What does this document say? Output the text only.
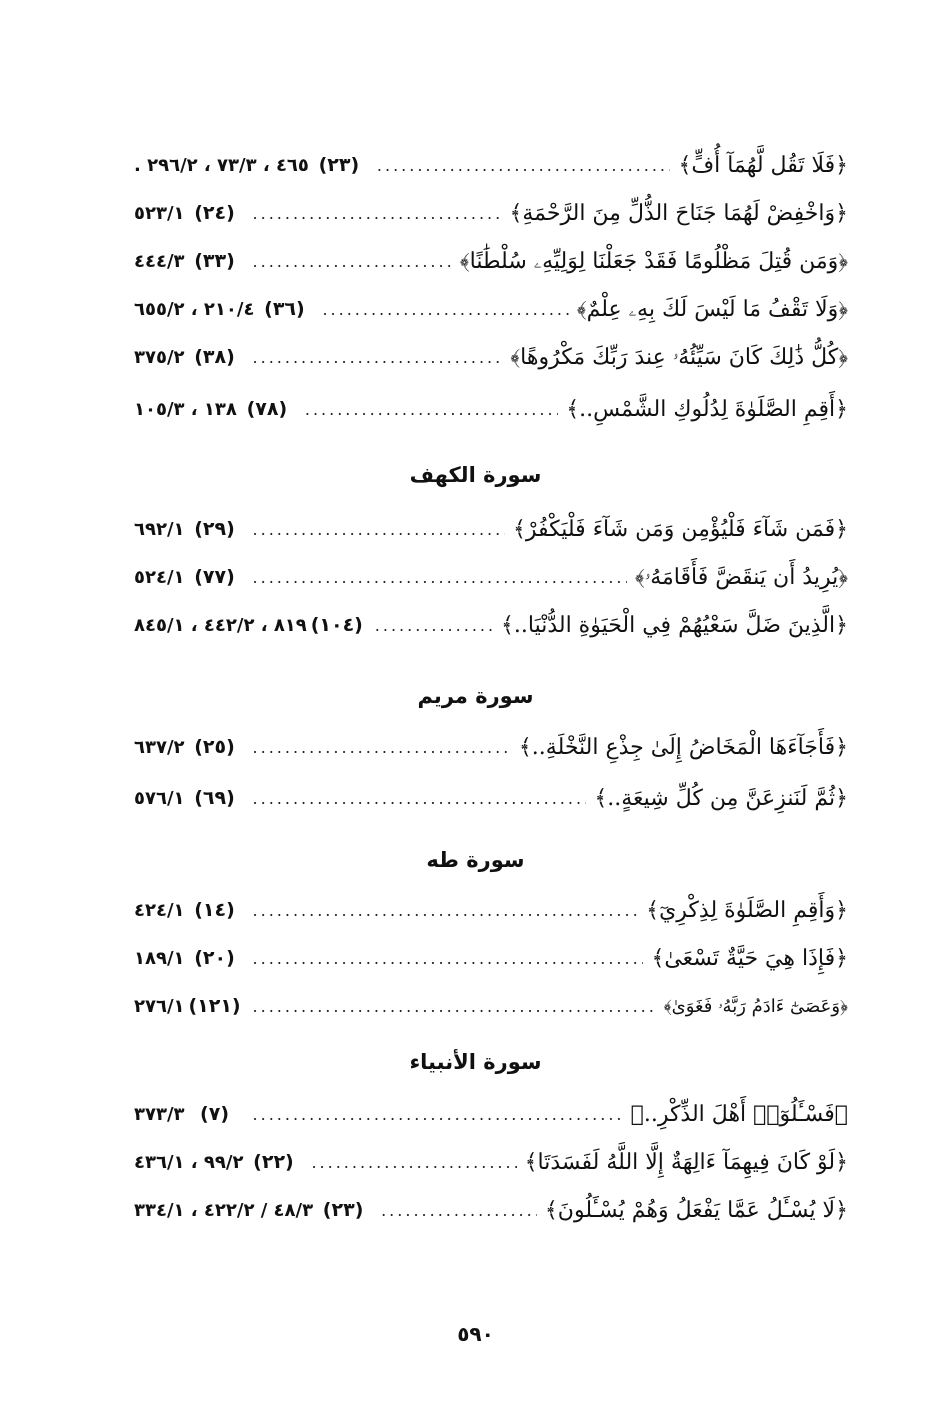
٤٦٥ ، ٧٣/٣ ، ٢٩٦/٢ . (٢٣) .....	﴿فَلَا تَقُل لَّهُمَآ أُفٍّ﴾
٥٢٣/١ (٢٤) .....	﴿وَاخْفِضْ لَهُمَا جَنَاحَ الذُّلِّ مِنَ الرَّحْمَةِ﴾
٤٤٤/٣ (٣٣) .....	﴿وَمَن قُتِلَ مَظْلُومًا فَقَدْ جَعَلْنَا لِوَلِيِّهِۦ سُلْطَٰنًا﴾
٢١٠/٤ ، ٦٥٥/٢ (٣٦) .....	﴿وَلَا تَقْفُ مَا لَيْسَ لَكَ بِهِۦ عِلْمٌ﴾
٣٧٥/٢ (٣٨) .....	﴿كُلُّ ذَٰلِكَ كَانَ سَيِّئُهُۥ عِندَ رَبِّكَ مَكْرُوهًا﴾
١٣٨ ، ١٠٥/٣ (٧٨) .....	﴿أَقِمِ الصَّلَوٰةَ لِدُلُوكِ الشَّمْسِ..﴾
سورة الكهف
٦٩٢/١ (٢٩) .....	﴿فَمَن شَآءَ فَلْيُؤْمِن وَمَن شَآءَ فَلْيَكْفُرْ﴾
٥٢٤/١ (٧٧) .....	﴿يُرِيدُ أَن يَنقَضَّ فَأَقَامَهُۥ﴾
٨١٩ ، ٤٤٢/٢ ، ٨٤٥/١ (١٠٤) .....	﴿الَّذِينَ ضَلَّ سَعْيُهُمْ فِي الْحَيَوٰةِ الدُّنْيَا..﴾
سورة مريم
٦٣٧/٢ (٢٥) .....	﴿فَأَجَآءَهَا الْمَخَاضُ إِلَىٰ جِذْعِ النَّخْلَةِ..﴾
٥٧٦/١ (٦٩) .....	﴿ثُمَّ لَنَنزِعَنَّ مِن كُلِّ شِيعَةٍ..﴾
سورة طه
٤٢٤/١ (١٤) .....	﴿وَأَقِمِ الصَّلَوٰةَ لِذِكْرِيٓ﴾
١٨٩/١ (٢٠) .....	﴿فَإِذَا هِيَ حَيَّةٌ تَسْعَىٰ﴾
٢٧٦/١ (١٢١) .....	﴿وَعَصَىٰٓ ءَادَمُ رَبَّهُۥ فَغَوَىٰ﴾
سورة الأنبياء
٣٧٣/٣ (٧) .....	﴿فَسْـَٔلُوٓا۟ أَهْلَ الذِّكْرِ..﴾
٩٩/٢ ، ٤٣٦/١ (٢٢) .....	﴿لَوْ كَانَ فِيهِمَآ ءَالِهَةٌ إِلَّا اللَّهُ لَفَسَدَتَا﴾
٤٨/٣ / ٤٢٢/٢ ، ٣٣٤/١ (٢٣) .....	﴿لَا يُسْـَٔلُ عَمَّا يَفْعَلُ وَهُمْ يُسْـَٔلُونَ﴾
٥٩٠
